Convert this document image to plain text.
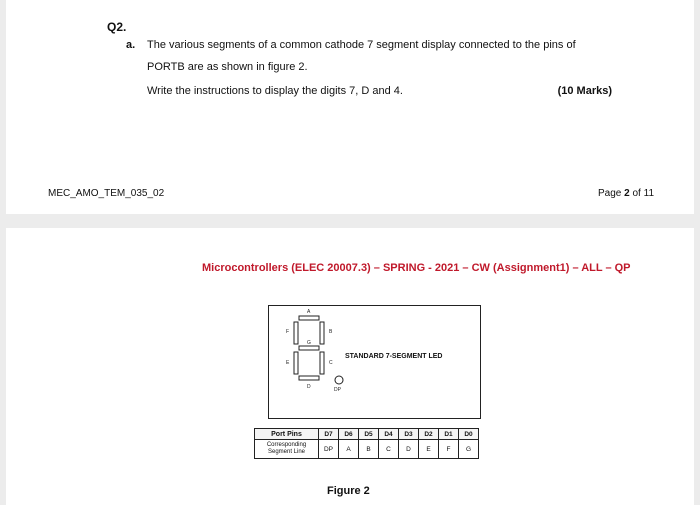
Q2.
a. The various segments of a common cathode 7 segment display connected to the pins of
PORTB are as shown in figure 2.
Write the instructions to display the digits 7, D and 4.	(10 Marks)
MEC_AMO_TEM_035_02	Page 2 of 11
Microcontrollers (ELEC 20007.3) – SPRING - 2021 – CW (Assignment1) – ALL – QP
A
F	B
G
E	C
D	DP
STANDARD 7-SEGMENT LED
Port Pins	D7	D6	D5	D4	D3	D2	D1	D0
Corresponding Segment Line	DP	A	B	C	D	E	F	G
Figure 2
